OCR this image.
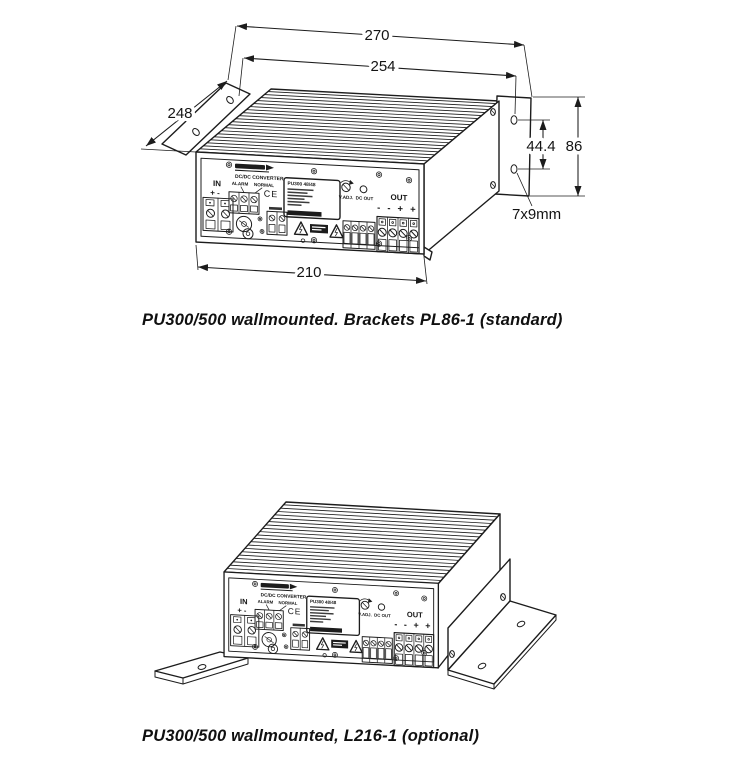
IN
+ -
ALARM	NORMAL
DC/DC CONVERTER
CE
PU300 48/48
V.ADJ. DC OUT	OUT
- - + +
IN
+ -
ALARM NORMAL
DC/DC CONVERTER
CE
PU300 48/48
V.ADJ. DC OUT OUT
- - + +
270
254
248
44.4 86
7x9mm
210
PU300/500 wallmounted. Brackets PL86-1 (standard)
IN
+ -
ALARM NORMAL
DC/DC CONVERTER
CE
PU300 48/48
V.ADJ. DC OUT OUT
- - + +
PU300/500 wallmounted, L216-1 (optional)
